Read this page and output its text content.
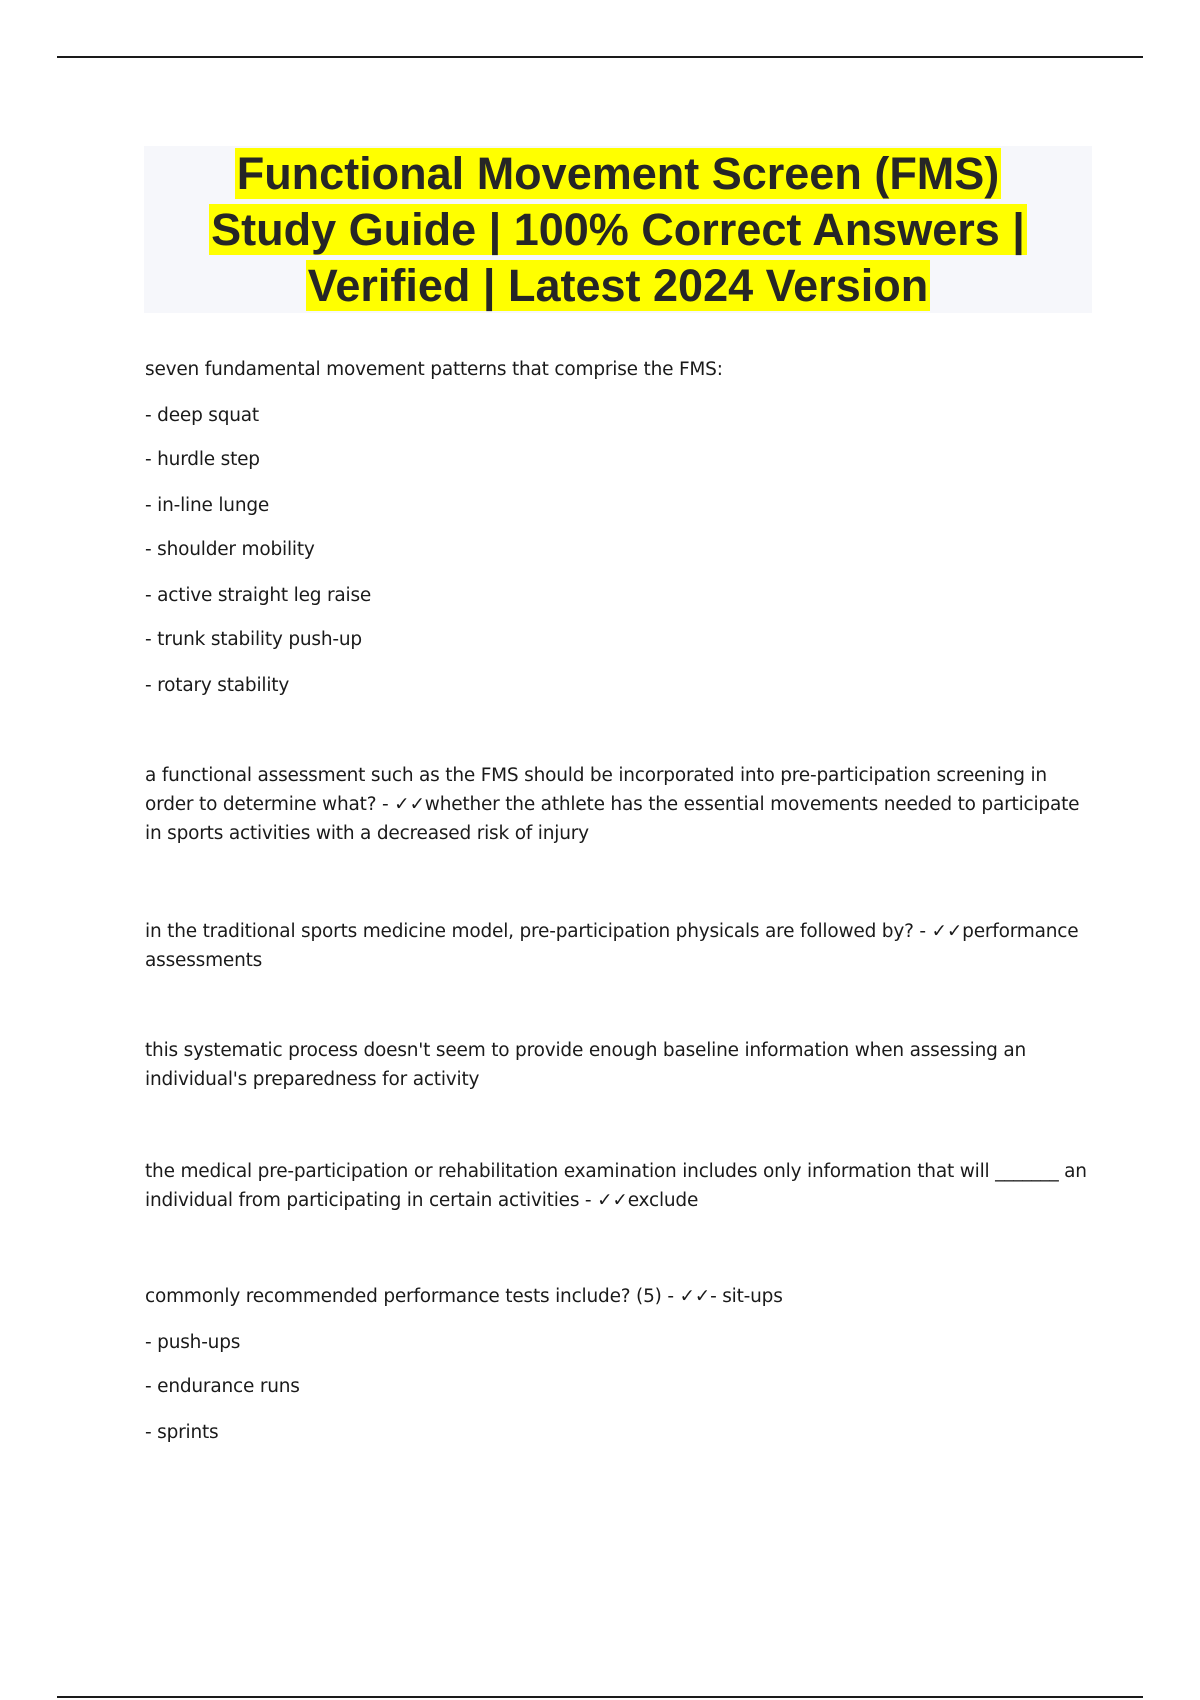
Functional Movement Screen (FMS) Study Guide | 100% Correct Answers | Verified | Latest 2024 Version

seven fundamental movement patterns that comprise the FMS:

- deep squat

- hurdle step

- in-line lunge

- shoulder mobility

- active straight leg raise

- trunk stability push-up

- rotary stability

a functional assessment such as the FMS should be incorporated into pre-participation screening in order to determine what? - ✓✓whether the athlete has the essential movements needed to participate in sports activities with a decreased risk of injury

in the traditional sports medicine model, pre-participation physicals are followed by? - ✓✓performance assessments

this systematic process doesn't seem to provide enough baseline information when assessing an individual's preparedness for activity

the medical pre-participation or rehabilitation examination includes only information that will _______ an individual from participating in certain activities - ✓✓exclude

commonly recommended performance tests include? (5) - ✓✓- sit-ups

- push-ups

- endurance runs

- sprints
